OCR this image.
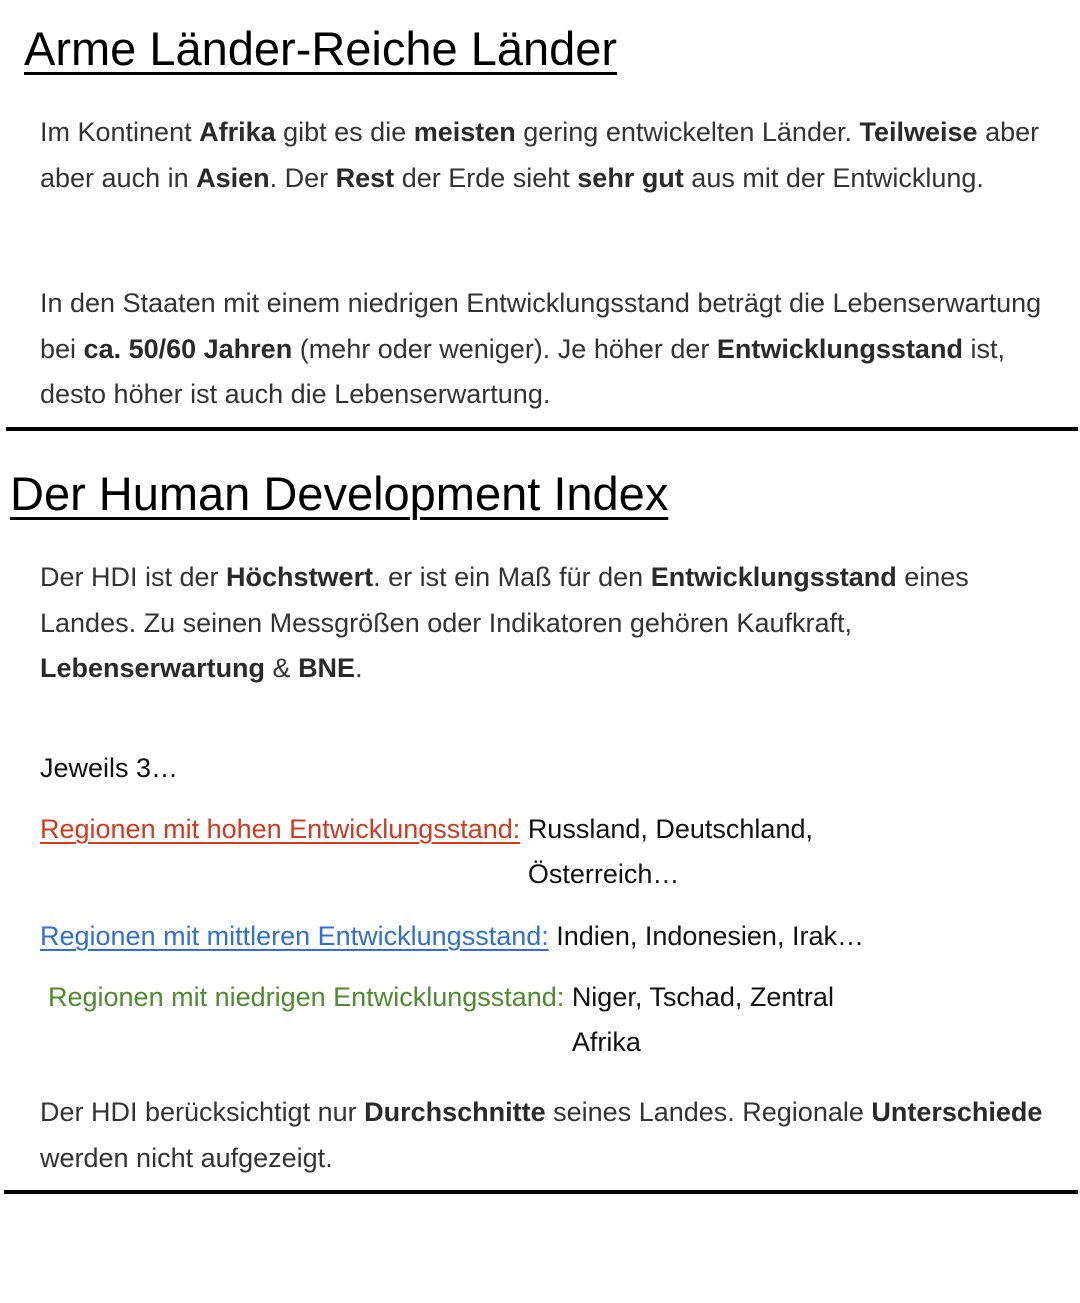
Arme Länder-Reiche Länder

Im Kontinent Afrika gibt es die meisten gering entwickelten Länder. Teilweise aber aber auch in Asien. Der Rest der Erde sieht sehr gut aus mit der Entwicklung.

In den Staaten mit einem niedrigen Entwicklungsstand beträgt die Lebenserwartung bei ca. 50/60 Jahren (mehr oder weniger). Je höher der Entwicklungsstand ist, desto höher ist auch die Lebenserwartung.

Der Human Development Index

Der HDI ist der Höchstwert. er ist ein Maß für den Entwicklungsstand eines Landes. Zu seinen Messgrößen oder Indikatoren gehören Kaufkraft, Lebenserwartung & BNE.

Jeweils 3…

Regionen mit hohen Entwicklungsstand: Russland, Deutschland, Österreich…
Regionen mit mittleren Entwicklungsstand: Indien, Indonesien, Irak…
Regionen mit niedrigen Entwicklungsstand: Niger, Tschad, Zentral Afrika

Der HDI berücksichtigt nur Durchschnitte seines Landes. Regionale Unterschiede werden nicht aufgezeigt.
